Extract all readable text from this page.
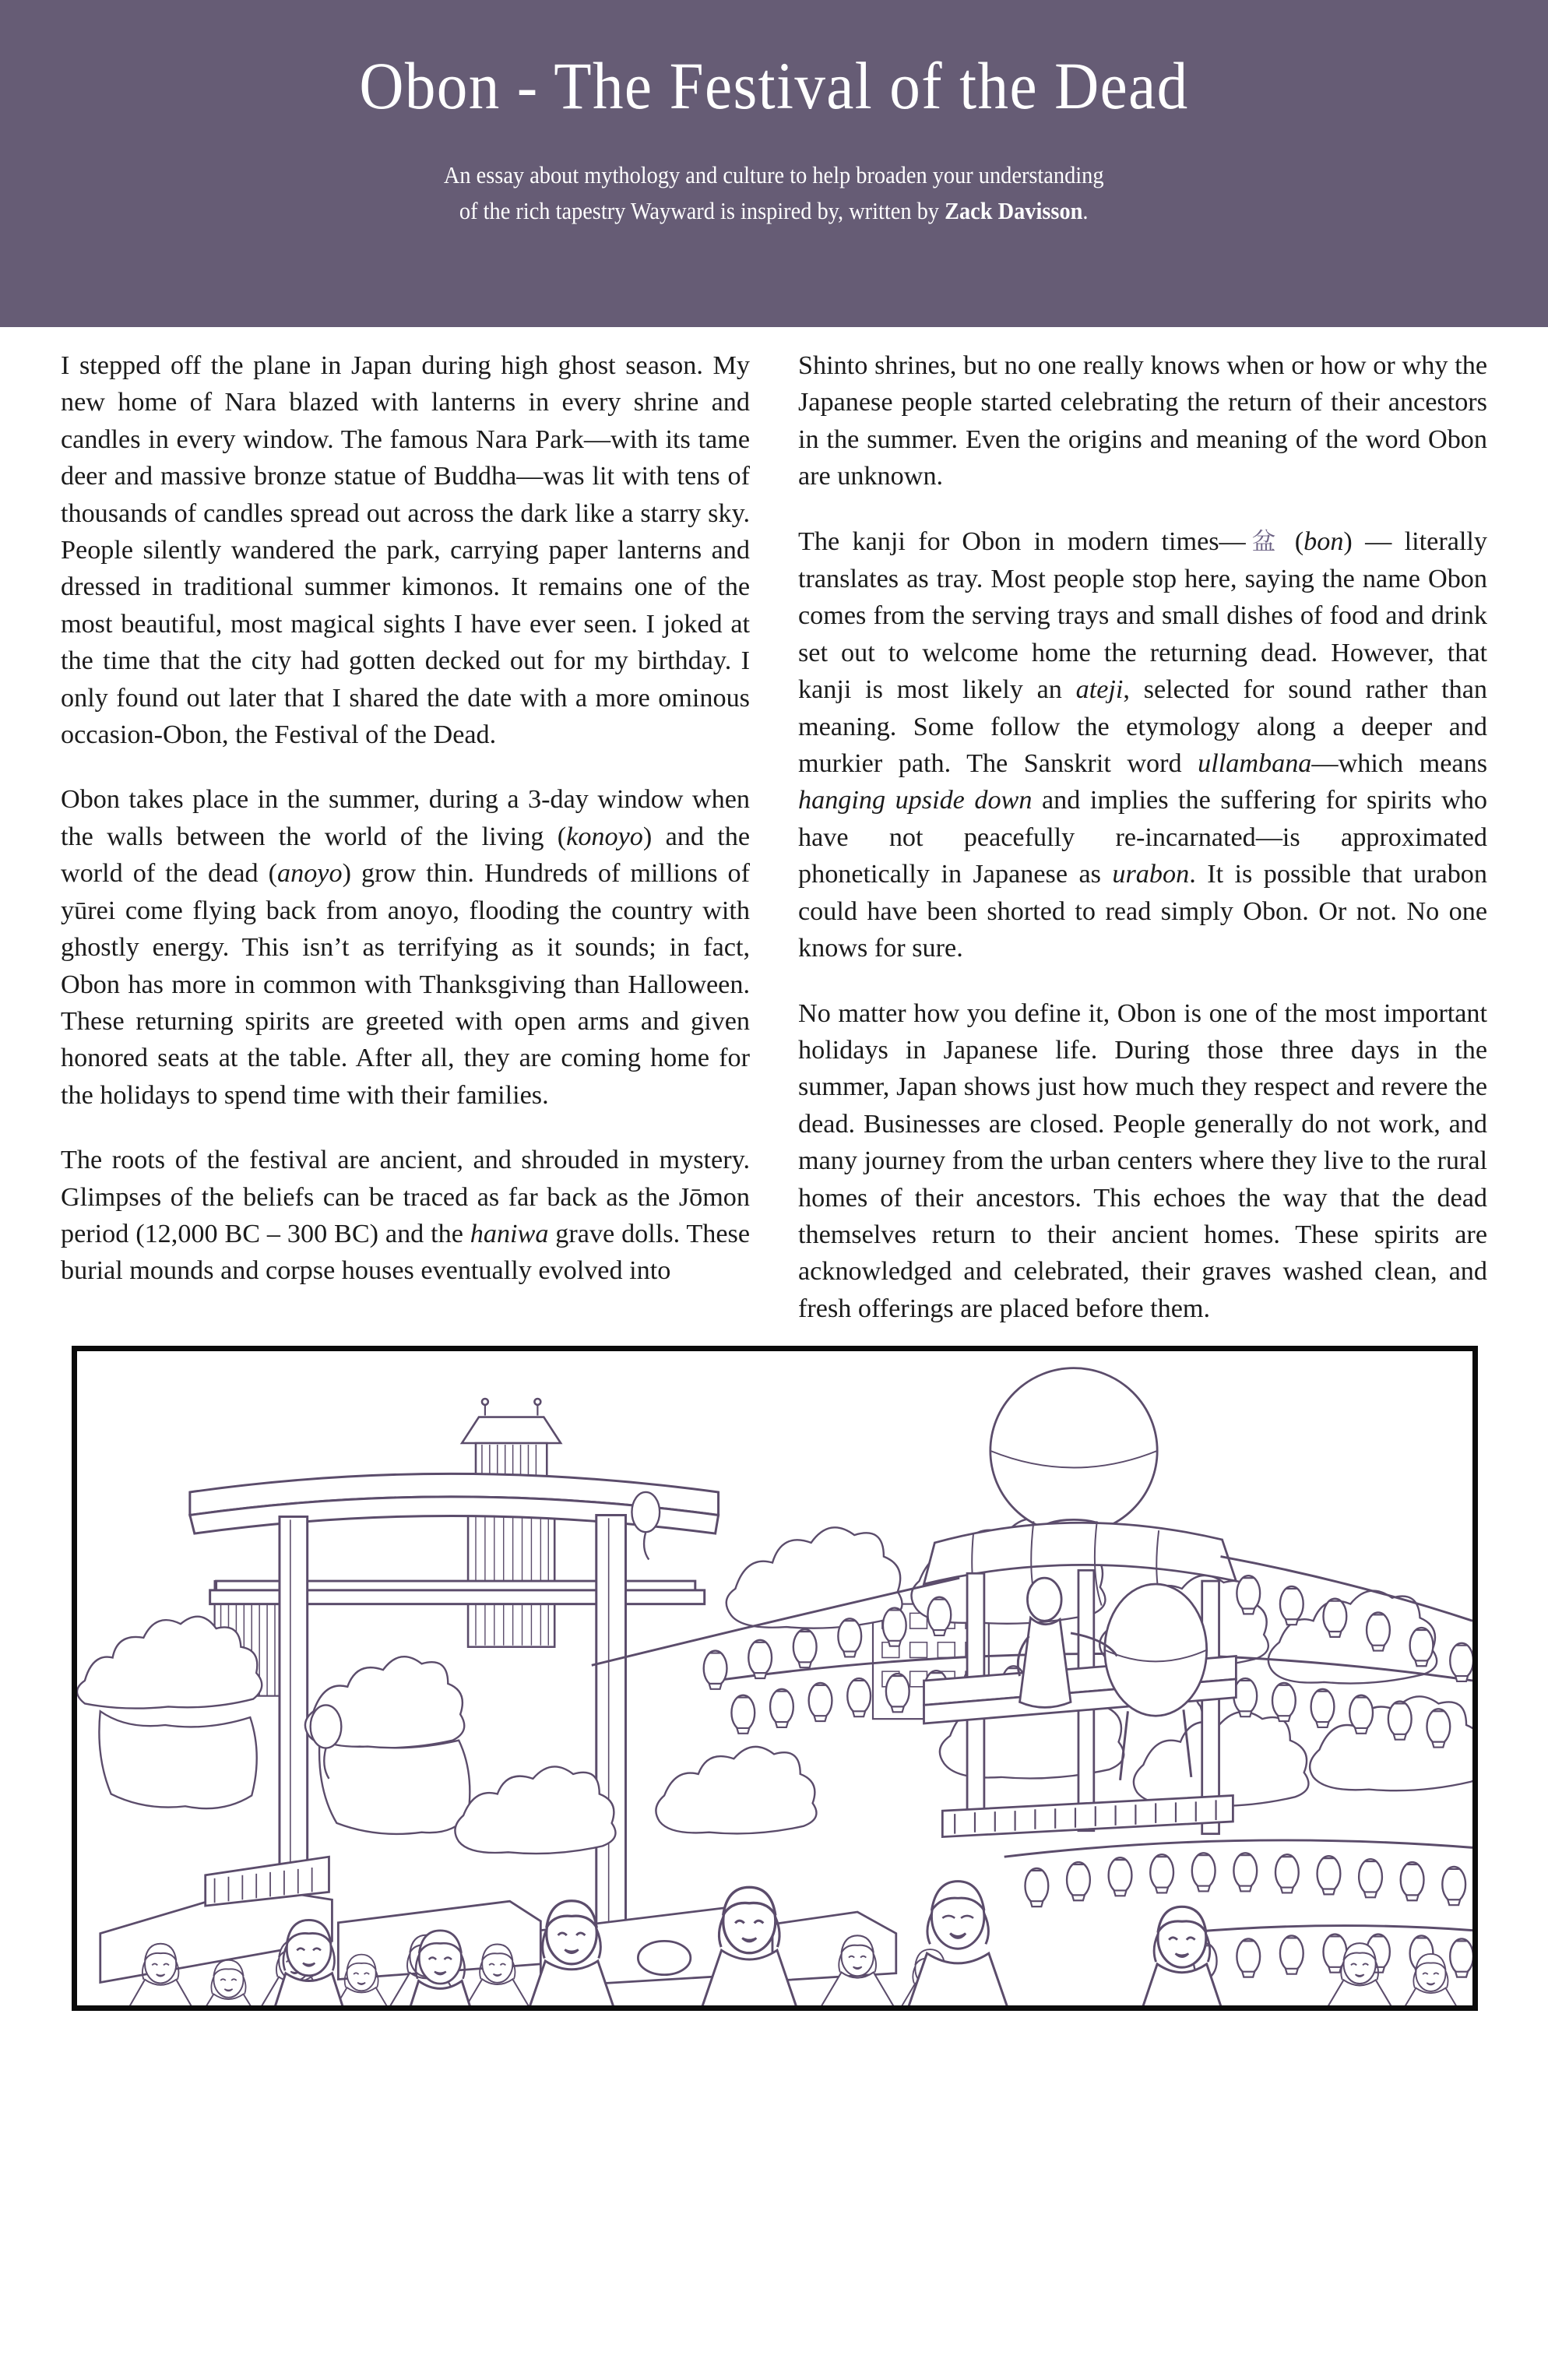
Obon - The Festival of the Dead
An essay about mythology and culture to help broaden your understanding
of the rich tapestry Wayward is inspired by, written by Zack Davisson.

I stepped off the plane in Japan during high ghost season. My new home of Nara blazed with lanterns in every shrine and candles in every window. The famous Nara Park—with its tame deer and massive bronze statue of Buddha—was lit with tens of thousands of candles spread out across the dark like a starry sky. People silently wandered the park, carrying paper lanterns and dressed in traditional summer kimonos. It remains one of the most beautiful, most magical sights I have ever seen. I joked at the time that the city had gotten decked out for my birthday. I only found out later that I shared the date with a more ominous occasion-Obon, the Festival of the Dead.

Obon takes place in the summer, during a 3-day window when the walls between the world of the living (konoyo) and the world of the dead (anoyo) grow thin. Hundreds of millions of yūrei come flying back from anoyo, flooding the country with ghostly energy. This isn’t as terrifying as it sounds; in fact, Obon has more in common with Thanksgiving than Halloween. These returning spirits are greeted with open arms and given honored seats at the table. After all, they are coming home for the holidays to spend time with their families.

The roots of the festival are ancient, and shrouded in mystery. Glimpses of the beliefs can be traced as far back as the Jōmon period (12,000 BC – 300 BC) and the haniwa grave dolls. These burial mounds and corpse houses eventually evolved into

Shinto shrines, but no one really knows when or how or why the Japanese people started celebrating the return of their ancestors in the summer. Even the origins and meaning of the word Obon are unknown.

The kanji for Obon in modern times—盆 (bon) — literally translates as tray. Most people stop here, saying the name Obon comes from the serving trays and small dishes of food and drink set out to welcome home the returning dead. However, that kanji is most likely an ateji, selected for sound rather than meaning. Some follow the etymology along a deeper and murkier path. The Sanskrit word ullambana—which means hanging upside down and implies the suffering for spirits who have not peacefully re-incarnated—is approximated phonetically in Japanese as urabon. It is possible that urabon could have been shorted to read simply Obon. Or not. No one knows for sure.

No matter how you define it, Obon is one of the most important holidays in Japanese life. During those three days in the summer, Japan shows just how much they respect and revere the dead. Businesses are closed. People generally do not work, and many journey from the urban centers where they live to the rural homes of their ancestors. This echoes the way that the dead themselves return to their ancient homes. These spirits are acknowledged and celebrated, their graves washed clean, and fresh offerings are placed before them.
